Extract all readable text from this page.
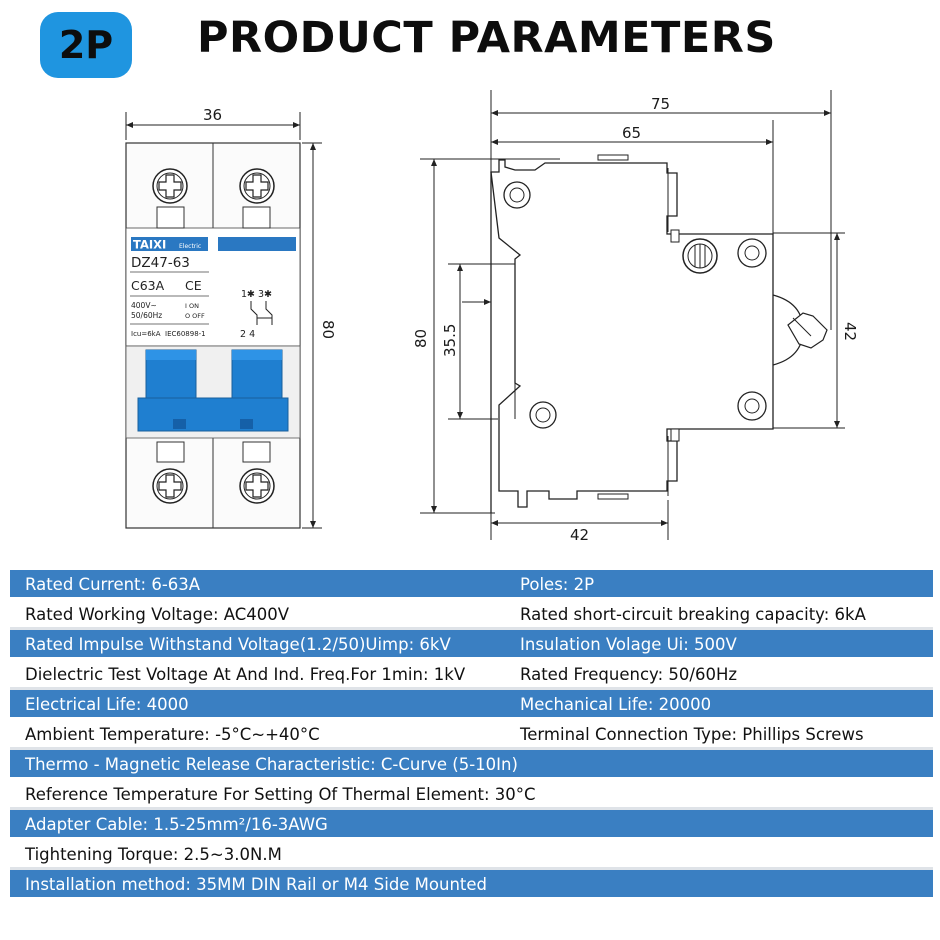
2P	PRODUCT PARAMETERS
36
80
TAIXI Electric
DZ47-63
C63A CE
400V~
50/60Hz
I ON
O OFF
Icu=6kA IEC60898-1
1✱ 3✱
2 4
75
65
80 35.5	42
42
Rated Current: 6-63A	Poles: 2P
Rated Working Voltage: AC400V	Rated short-circuit breaking capacity: 6kA
Rated Impulse Withstand Voltage(1.2/50)Uimp: 6kV	Insulation Volage Ui: 500V
Dielectric Test Voltage At And Ind. Freq.For 1min: 1kV	Rated Frequency: 50/60Hz
Electrical Life: 4000	Mechanical Life: 20000
Ambient Temperature: -5°C~+40°C	Terminal Connection Type: Phillips Screws
Thermo - Magnetic Release Characteristic: C-Curve (5-10In)
Reference Temperature For Setting Of Thermal Element: 30°C
Adapter Cable: 1.5-25mm²/16-3AWG
Tightening Torque: 2.5~3.0N.M
Installation method: 35MM DIN Rail or M4 Side Mounted
